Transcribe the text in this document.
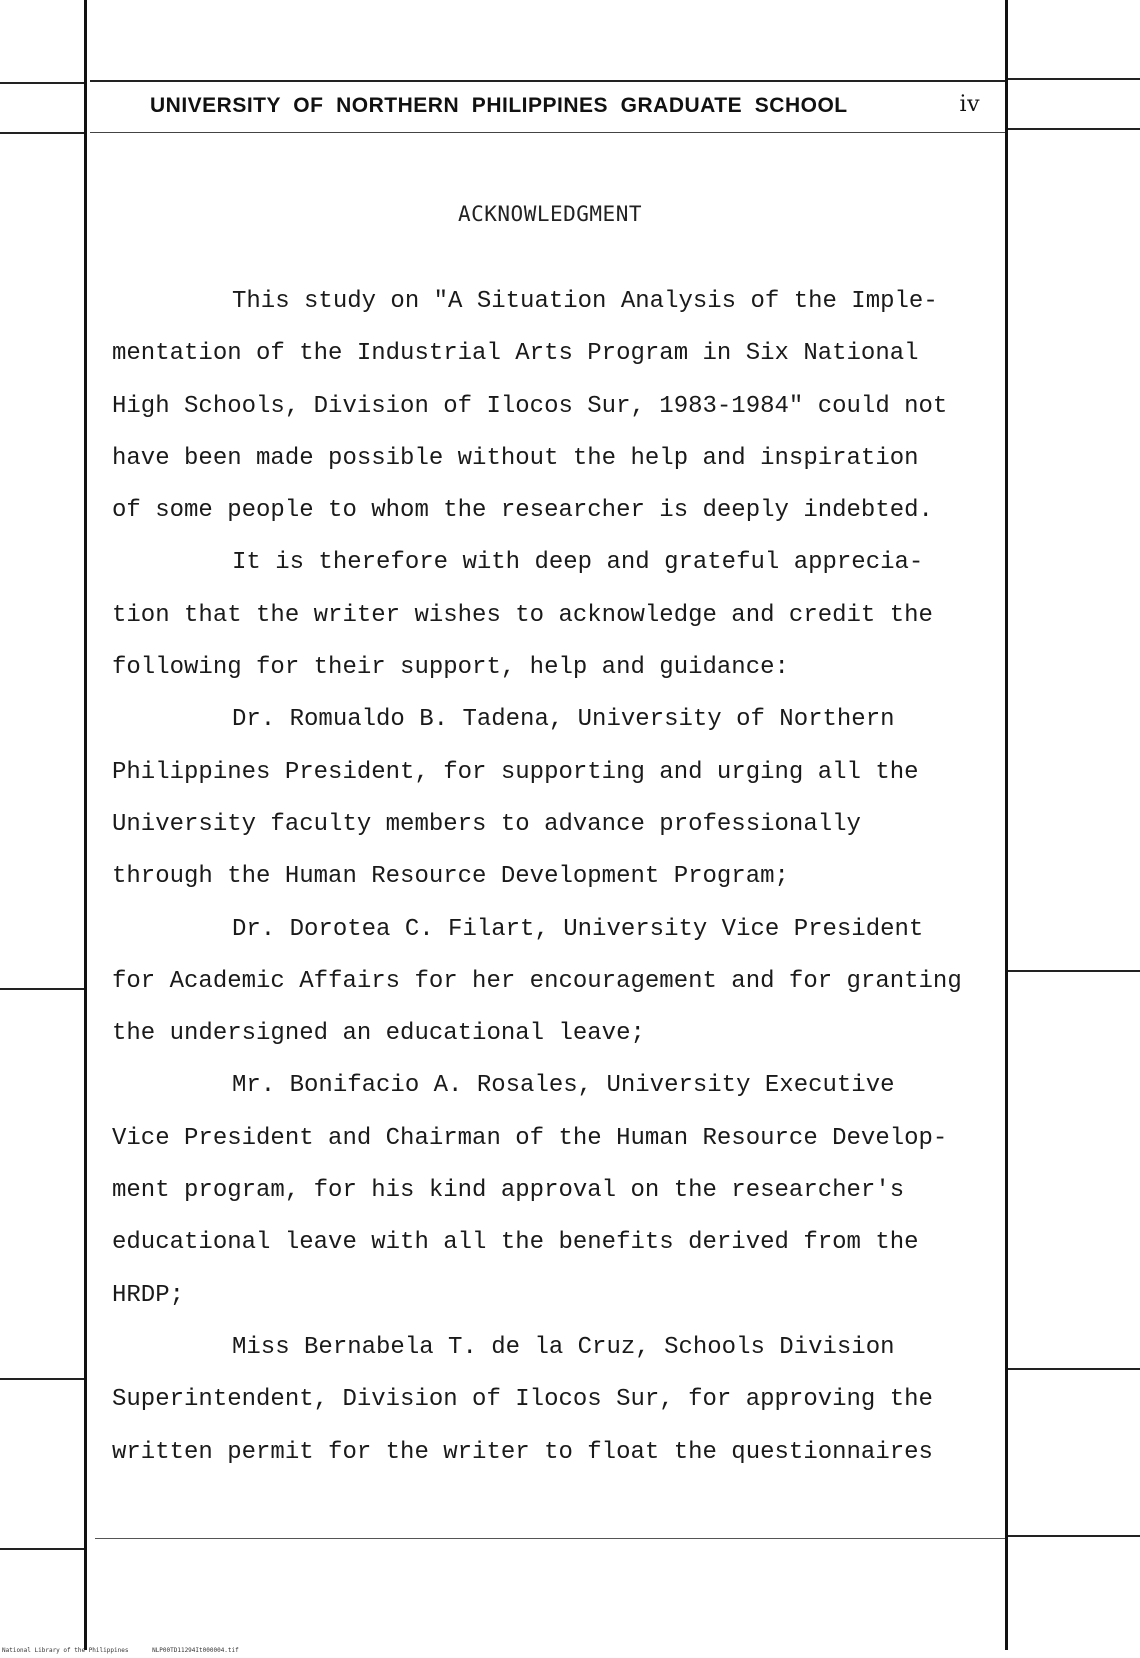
UNIVERSITY  OF  NORTHERN  PHILIPPINES  GRADUATE  SCHOOL	iv
ACKNOWLEDGMENT
This study on "A Situation Analysis of the Imple-
mentation of the Industrial Arts Program in Six National
High Schools, Division of Ilocos Sur, 1983-1984" could not
have been made possible without the help and inspiration
of some people to whom the researcher is deeply indebted.
It is therefore with deep and grateful apprecia-
tion that the writer wishes to acknowledge and credit the
following for their support, help and guidance:
Dr. Romualdo B. Tadena, University of Northern
Philippines President, for supporting and urging all the
University faculty members to advance professionally
through the Human Resource Development Program;
Dr. Dorotea C. Filart, University Vice President
for Academic Affairs for her encouragement and for granting
the undersigned an educational leave;
Mr. Bonifacio A. Rosales, University Executive
Vice President and Chairman of the Human Resource Develop-
ment program, for his kind approval on the researcher's
educational leave with all the benefits derived from the
HRDP;
Miss Bernabela T. de la Cruz, Schools Division
Superintendent, Division of Ilocos Sur, for approving the
written permit for the writer to float the questionnaires
National Library of the Philippines	NLP00TD11294It000004.tif
